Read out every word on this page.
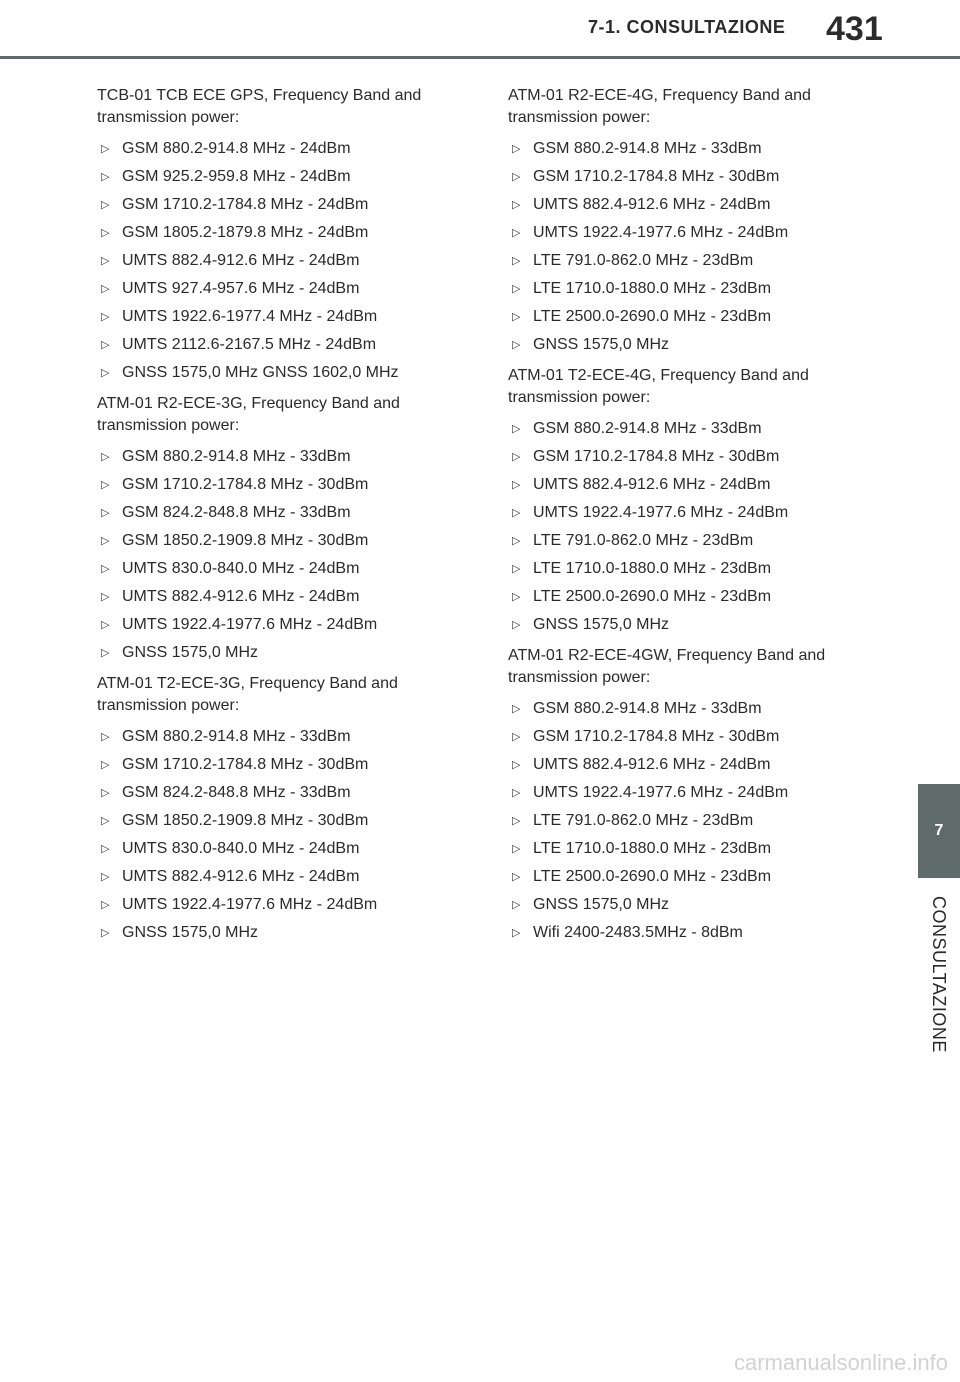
7-1. CONSULTAZIONE 431

TCB-01 TCB ECE GPS, Frequency Band and transmission power:

▷ GSM 880.2-914.8 MHz - 24dBm
▷ GSM 925.2-959.8 MHz - 24dBm
▷ GSM 1710.2-1784.8 MHz - 24dBm
▷ GSM 1805.2-1879.8 MHz - 24dBm
▷ UMTS 882.4-912.6 MHz - 24dBm
▷ UMTS 927.4-957.6 MHz - 24dBm
▷ UMTS 1922.6-1977.4 MHz - 24dBm
▷ UMTS 2112.6-2167.5 MHz - 24dBm
▷ GNSS 1575,0 MHz GNSS 1602,0 MHz

ATM-01 R2-ECE-3G, Frequency Band and transmission power:

▷ GSM 880.2-914.8 MHz - 33dBm
▷ GSM 1710.2-1784.8 MHz - 30dBm
▷ GSM 824.2-848.8 MHz - 33dBm
▷ GSM 1850.2-1909.8 MHz - 30dBm
▷ UMTS 830.0-840.0 MHz - 24dBm
▷ UMTS 882.4-912.6 MHz - 24dBm
▷ UMTS 1922.4-1977.6 MHz - 24dBm
▷ GNSS 1575,0 MHz

ATM-01 T2-ECE-3G, Frequency Band and transmission power:

▷ GSM 880.2-914.8 MHz - 33dBm
▷ GSM 1710.2-1784.8 MHz - 30dBm
▷ GSM 824.2-848.8 MHz - 33dBm
▷ GSM 1850.2-1909.8 MHz - 30dBm
▷ UMTS 830.0-840.0 MHz - 24dBm
▷ UMTS 882.4-912.6 MHz - 24dBm
▷ UMTS 1922.4-1977.6 MHz - 24dBm
▷ GNSS 1575,0 MHz

ATM-01 R2-ECE-4G, Frequency Band and transmission power:

▷ GSM 880.2-914.8 MHz - 33dBm
▷ GSM 1710.2-1784.8 MHz - 30dBm
▷ UMTS 882.4-912.6 MHz - 24dBm
▷ UMTS 1922.4-1977.6 MHz - 24dBm
▷ LTE 791.0-862.0 MHz - 23dBm
▷ LTE 1710.0-1880.0 MHz - 23dBm
▷ LTE 2500.0-2690.0 MHz - 23dBm
▷ GNSS 1575,0 MHz

ATM-01 T2-ECE-4G, Frequency Band and transmission power:

▷ GSM 880.2-914.8 MHz - 33dBm
▷ GSM 1710.2-1784.8 MHz - 30dBm
▷ UMTS 882.4-912.6 MHz - 24dBm
▷ UMTS 1922.4-1977.6 MHz - 24dBm
▷ LTE 791.0-862.0 MHz - 23dBm
▷ LTE 1710.0-1880.0 MHz - 23dBm
▷ LTE 2500.0-2690.0 MHz - 23dBm
▷ GNSS 1575,0 MHz

ATM-01 R2-ECE-4GW, Frequency Band and transmission power:

▷ GSM 880.2-914.8 MHz - 33dBm
▷ GSM 1710.2-1784.8 MHz - 30dBm
▷ UMTS 882.4-912.6 MHz - 24dBm
▷ UMTS 1922.4-1977.6 MHz - 24dBm
▷ LTE 791.0-862.0 MHz - 23dBm
▷ LTE 1710.0-1880.0 MHz - 23dBm
▷ LTE 2500.0-2690.0 MHz - 23dBm
▷ GNSS 1575,0 MHz
▷ Wifi 2400-2483.5MHz - 8dBm
7
CONSULTAZIONE
carmanualsonline.info
